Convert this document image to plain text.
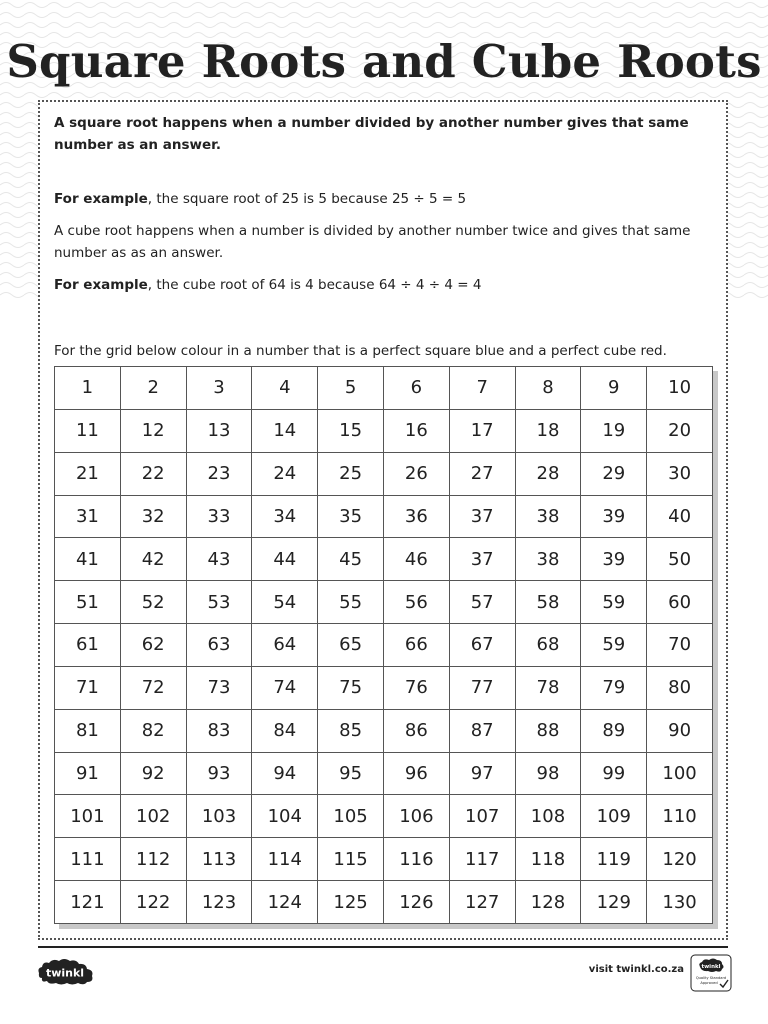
Square Roots and Cube Roots
A square root happens when a number divided by another number gives that same number as an answer.
For example, the square root of 25 is 5 because 25 ÷ 5 = 5
A cube root happens when a number is divided by another number twice and gives that same number as as an answer.
For example, the cube root of 64 is 4 because 64 ÷ 4 ÷ 4 = 4
For the grid below colour in a number that is a perfect square blue and a perfect cube red.
1	2	3	4	5	6	7	8	9	10
11	12	13	14	15	16	17	18	19	20
21	22	23	24	25	26	27	28	29	30
31	32	33	34	35	36	37	38	39	40
41	42	43	44	45	46	37	38	39	50
51	52	53	54	55	56	57	58	59	60
61	62	63	64	65	66	67	68	59	70
71	72	73	74	75	76	77	78	79	80
81	82	83	84	85	86	87	88	89	90
91	92	93	94	95	96	97	98	99	100
101	102	103	104	105	106	107	108	109	110
111	112	113	114	115	116	117	118	119	120
121	122	123	124	125	126	127	128	129	130
twinkl	visit twinkl.co.za	twinkl
Quality Standard
Approved
